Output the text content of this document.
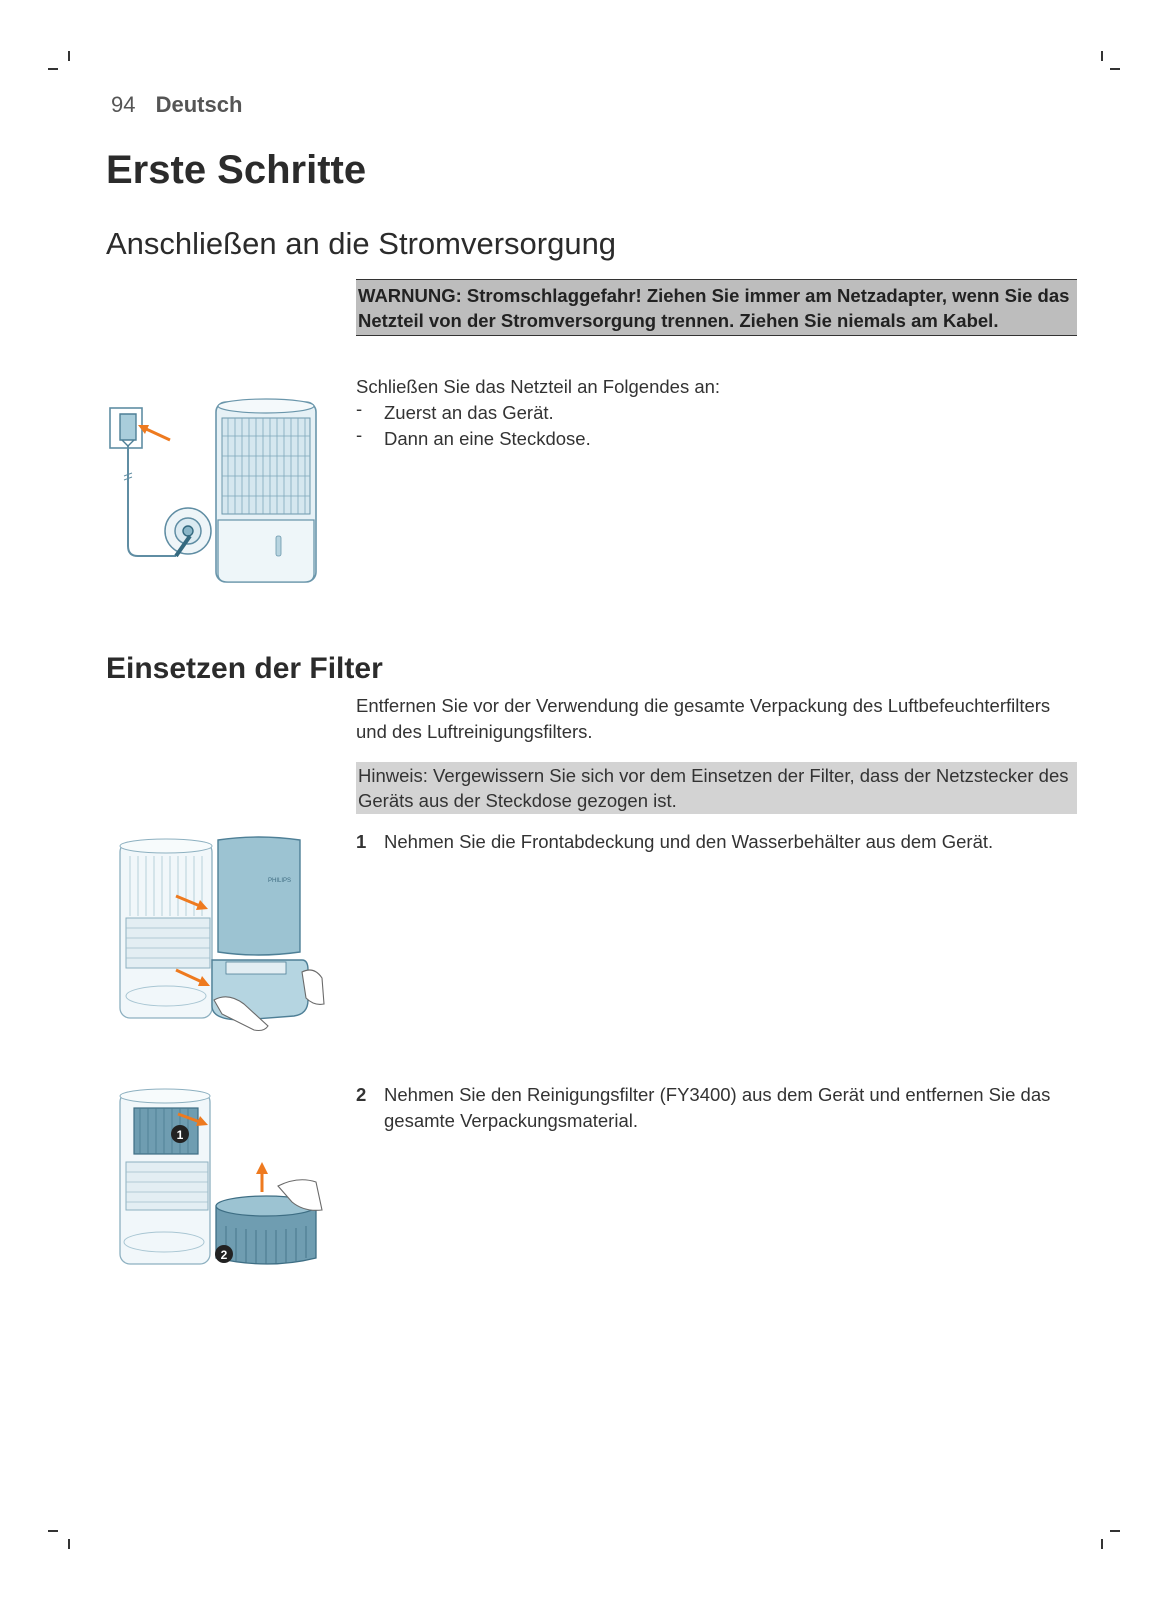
94 Deutsch
Erste Schritte
Anschließen an die Stromversorgung
WARNUNG: Stromschlaggefahr! Ziehen Sie immer am Netzadapter, wenn Sie das Netzteil von der Stromversorgung trennen. Ziehen Sie niemals am Kabel.
Schließen Sie das Netzteil an Folgendes an:
- Zuerst an das Gerät.
- Dann an eine Steckdose.
Einsetzen der Filter
Entfernen Sie vor der Verwendung die gesamte Verpackung des Luftbefeuchterfilters und des Luftreinigungsfilters.
Hinweis: Vergewissern Sie sich vor dem Einsetzen der Filter, dass der Netzstecker des Geräts aus der Steckdose gezogen ist.
1 Nehmen Sie die Frontabdeckung und den Wasserbehälter aus dem Gerät.
2 Nehmen Sie den Reinigungsfilter (FY3400) aus dem Gerät und entfernen Sie das gesamte Verpackungsmaterial.
PHILIPS
1
2
